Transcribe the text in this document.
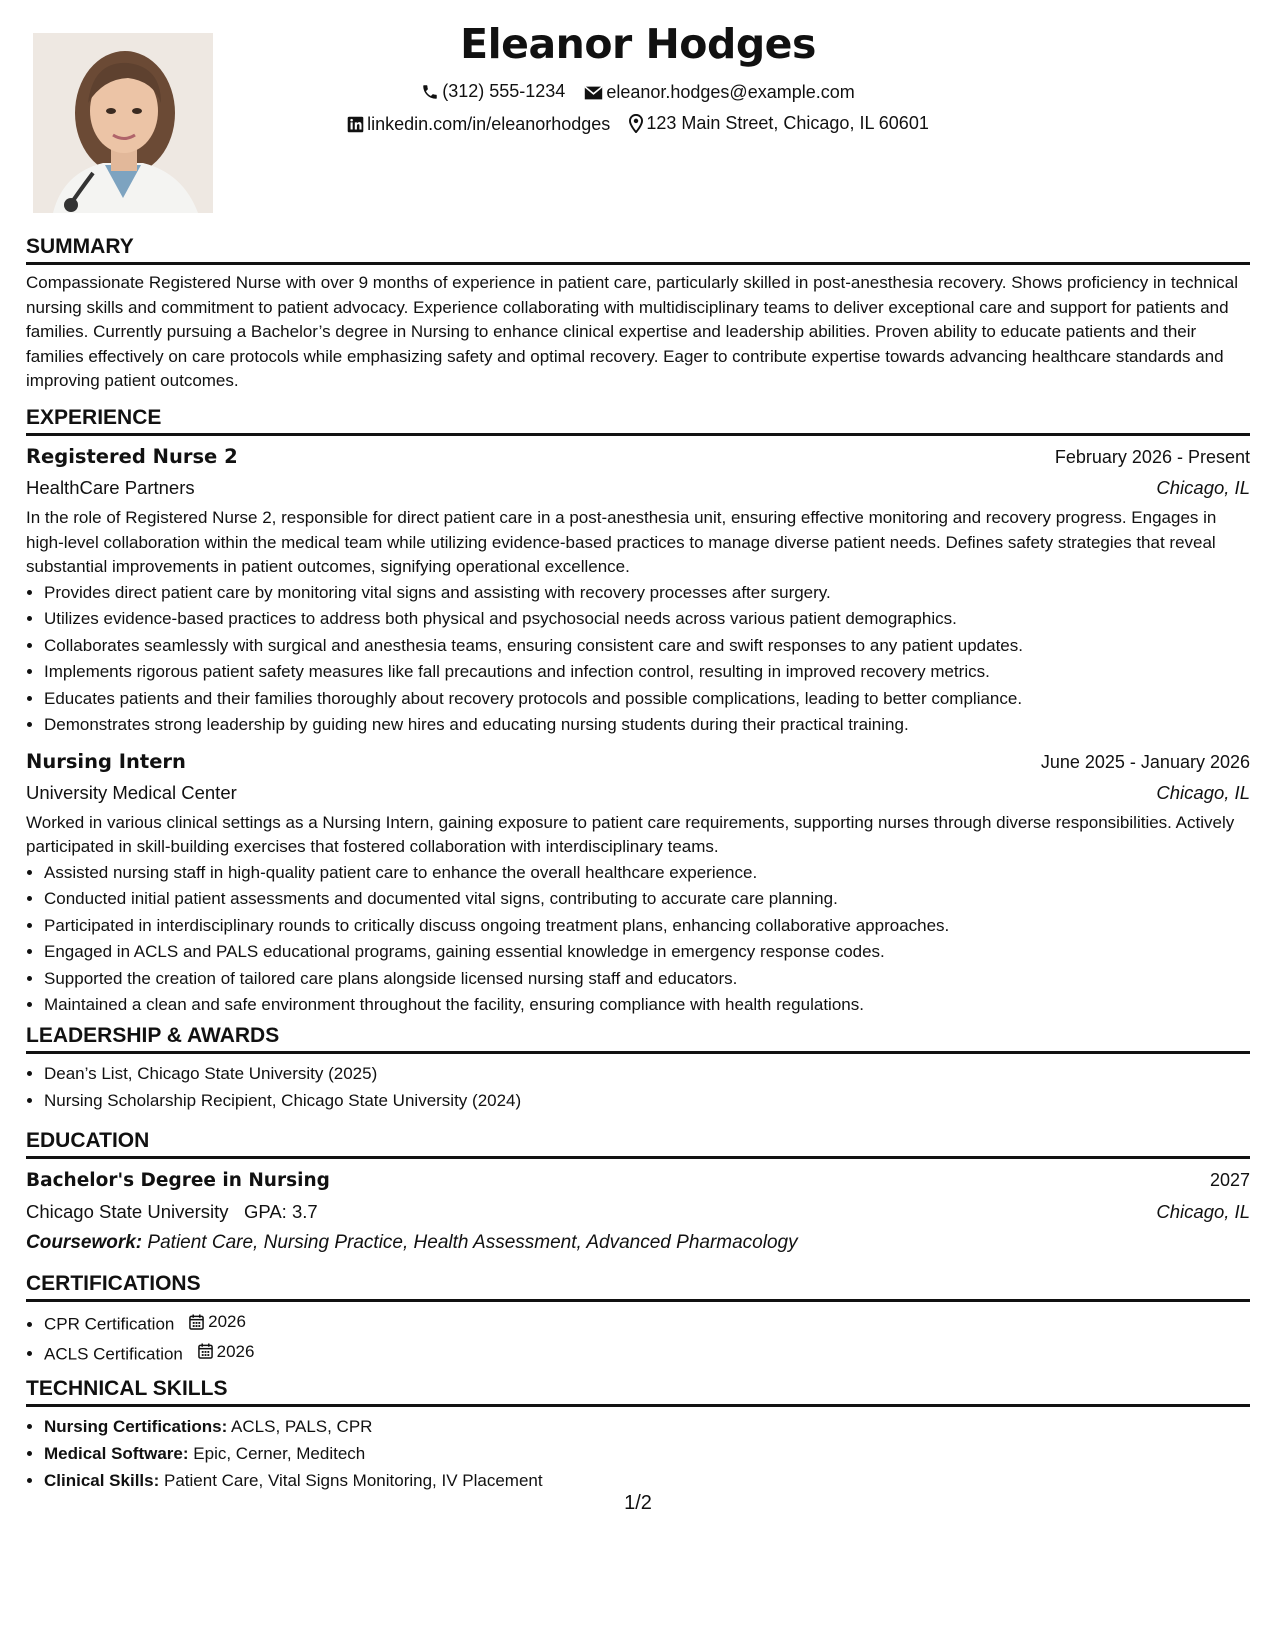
Eleanor Hodges
(312) 555-1234
eleanor.hodges@example.com
linkedin.com/in/eleanorhodges
123 Main Street, Chicago, IL 60601
SUMMARY

Compassionate Registered Nurse with over 9 months of experience in patient care, particularly skilled in post-anesthesia recovery. Shows proficiency in technical nursing skills and commitment to patient advocacy. Experience collaborating with multidisciplinary teams to deliver exceptional care and support for patients and families. Currently pursuing a Bachelor’s degree in Nursing to enhance clinical expertise and leadership abilities. Proven ability to educate patients and their families effectively on care protocols while emphasizing safety and optimal recovery. Eager to contribute expertise towards advancing healthcare standards and improving patient outcomes.

EXPERIENCE
Registered Nurse 2	February 2026 - Present
HealthCare Partners	Chicago, IL

In the role of Registered Nurse 2, responsible for direct patient care in a post-anesthesia unit, ensuring effective monitoring and recovery progress. Engages in high-level collaboration within the medical team while utilizing evidence-based practices to manage diverse patient needs. Defines safety strategies that reveal substantial improvements in patient outcomes, signifying operational excellence.

• Provides direct patient care by monitoring vital signs and assisting with recovery processes after surgery.
• Utilizes evidence-based practices to address both physical and psychosocial needs across various patient demographics.
• Collaborates seamlessly with surgical and anesthesia teams, ensuring consistent care and swift responses to any patient updates.
• Implements rigorous patient safety measures like fall precautions and infection control, resulting in improved recovery metrics.
• Educates patients and their families thoroughly about recovery protocols and possible complications, leading to better compliance.
• Demonstrates strong leadership by guiding new hires and educating nursing students during their practical training.
Nursing Intern	June 2025 - January 2026
University Medical Center	Chicago, IL

Worked in various clinical settings as a Nursing Intern, gaining exposure to patient care requirements, supporting nurses through diverse responsibilities. Actively participated in skill-building exercises that fostered collaboration with interdisciplinary teams.

• Assisted nursing staff in high-quality patient care to enhance the overall healthcare experience.
• Conducted initial patient assessments and documented vital signs, contributing to accurate care planning.
• Participated in interdisciplinary rounds to critically discuss ongoing treatment plans, enhancing collaborative approaches.
• Engaged in ACLS and PALS educational programs, gaining essential knowledge in emergency response codes.
• Supported the creation of tailored care plans alongside licensed nursing staff and educators.
• Maintained a clean and safe environment throughout the facility, ensuring compliance with health regulations.
LEADERSHIP & AWARDS
• Dean’s List, Chicago State University (2025)
• Nursing Scholarship Recipient, Chicago State University (2024)
EDUCATION
Bachelor's Degree in Nursing	2027
Chicago State University GPA: 3.7	Chicago, IL
Coursework: Patient Care, Nursing Practice, Health Assessment, Advanced Pharmacology
CERTIFICATIONS
• CPR Certification 2026
• ACLS Certification 2026
TECHNICAL SKILLS
• Nursing Certifications: ACLS, PALS, CPR
• Medical Software: Epic, Cerner, Meditech
• Clinical Skills: Patient Care, Vital Signs Monitoring, IV Placement
1/2
